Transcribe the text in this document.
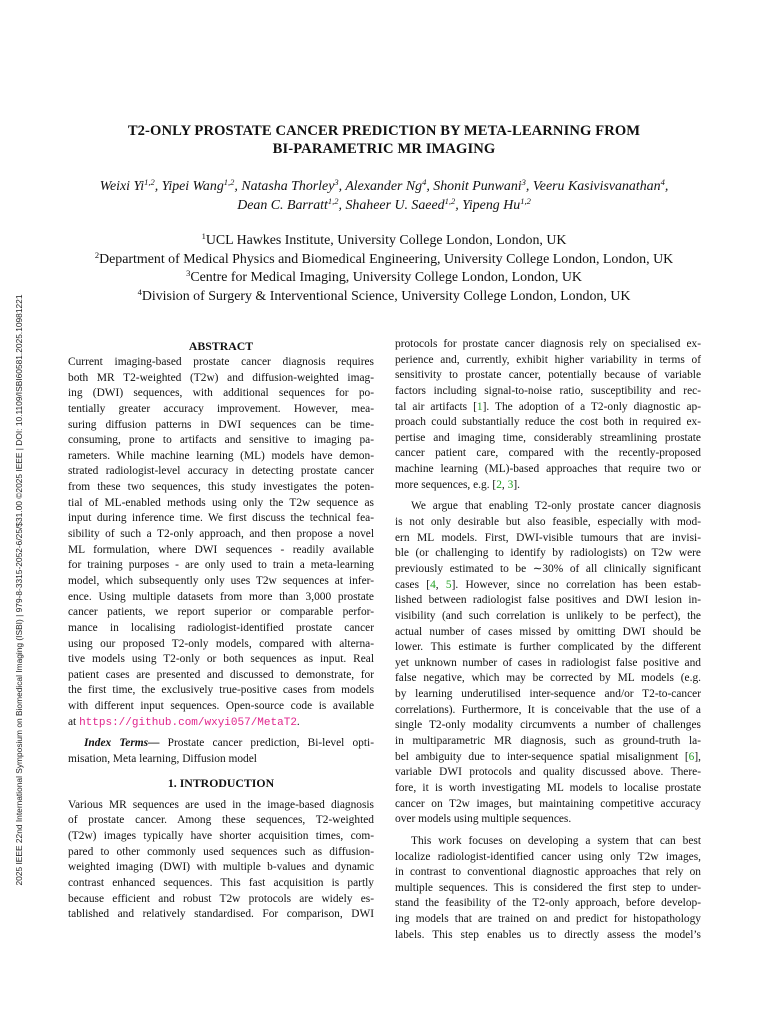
2025 IEEE 22nd International Symposium on Biomedical Imaging (ISBI) | 979-8-3315-2052-6/25/$31.00 ©2025 IEEE | DOI: 10.1109/ISBI60581.2025.10981221
T2-ONLY PROSTATE CANCER PREDICTION BY META-LEARNING FROM
BI-PARAMETRIC MR IMAGING
Weixi Yi$^{1,2}$, Yipei Wang$^{1,2}$, Natasha Thorley$^3$, Alexander Ng$^4$, Shonit Punwani$^3$, Veeru Kasivisvanathan$^4$,
Dean C. Barratt$^{1,2}$, Shaheer U. Saeed$^{1,2}$, Yipeng Hu$^{1,2}$
$^1$UCL Hawkes Institute, University College London, London, UK
$^2$Department of Medical Physics and Biomedical Engineering, University College London, London, UK
$^3$Centre for Medical Imaging, University College London, London, UK
$^4$Division of Surgery & Interventional Science, University College London, London, UK
ABSTRACT
Current imaging-based prostate cancer diagnosis requires
both MR T2-weighted (T2w) and diffusion-weighted imag-
ing (DWI) sequences, with additional sequences for po-
tentially greater accuracy improvement. However, mea-
suring diffusion patterns in DWI sequences can be time-
consuming, prone to artifacts and sensitive to imaging pa-
rameters. While machine learning (ML) models have demon-
strated radiologist-level accuracy in detecting prostate cancer
from these two sequences, this study investigates the poten-
tial of ML-enabled methods using only the T2w sequence as
input during inference time. We first discuss the technical fea-
sibility of such a T2-only approach, and then propose a novel
ML formulation, where DWI sequences - readily available
for training purposes - are only used to train a meta-learning
model, which subsequently only uses T2w sequences at infer-
ence. Using multiple datasets from more than 3,000 prostate
cancer patients, we report superior or comparable perfor-
mance in localising radiologist-identified prostate cancer
using our proposed T2-only models, compared with alterna-
tive models using T2-only or both sequences as input. Real
patient cases are presented and discussed to demonstrate, for
the first time, the exclusively true-positive cases from models
with different input sequences. Open-source code is available
at https://github.com/wxyi057/MetaT2.
Index Terms— Prostate cancer prediction, Bi-level opti-
misation, Meta learning, Diffusion model
1. INTRODUCTION
Various MR sequences are used in the image-based diagnosis
of prostate cancer. Among these sequences, T2-weighted
(T2w) images typically have shorter acquisition times, com-
pared to other commonly used sequences such as diffusion-
weighted imaging (DWI) with multiple b-values and dynamic
contrast enhanced sequences. This fast acquisition is partly
because efficient and robust T2w protocols are widely es-
tablished and relatively standardised. For comparison, DWI
protocols for prostate cancer diagnosis rely on specialised ex-
perience and, currently, exhibit higher variability in terms of
sensitivity to prostate cancer, potentially because of variable
factors including signal-to-noise ratio, susceptibility and rec-
tal air artifacts [1]. The adoption of a T2-only diagnostic ap-
proach could substantially reduce the cost both in required ex-
pertise and imaging time, considerably streamlining prostate
cancer patient care, compared with the recently-proposed
machine learning (ML)-based approaches that require two or
more sequences, e.g. [2, 3].
We argue that enabling T2-only prostate cancer diagnosis
is not only desirable but also feasible, especially with mod-
ern ML models. First, DWI-visible tumours that are invisi-
ble (or challenging to identify by radiologists) on T2w were
previously estimated to be ∼30% of all clinically significant
cases [4, 5]. However, since no correlation has been estab-
lished between radiologist false positives and DWI lesion in-
visibility (and such correlation is unlikely to be perfect), the
actual number of cases missed by omitting DWI should be
lower. This estimate is further complicated by the different
yet unknown number of cases in radiologist false positive and
false negative, which may be corrected by ML models (e.g.
by learning underutilised inter-sequence and/or T2-to-cancer
correlations). Furthermore, It is conceivable that the use of a
single T2-only modality circumvents a number of challenges
in multiparametric MR diagnosis, such as ground-truth la-
bel ambiguity due to inter-sequence spatial misalignment [6],
variable DWI protocols and quality discussed above. There-
fore, it is worth investigating ML models to localise prostate
cancer on T2w images, but maintaining competitive accuracy
over models using multiple sequences.
This work focuses on developing a system that can best
localize radiologist-identified cancer using only T2w images,
in contrast to conventional diagnostic approaches that rely on
multiple sequences. This is considered the first step to under-
stand the feasibility of the T2-only approach, before develop-
ing models that are trained on and predict for histopathology
labels. This step enables us to directly assess the model’s
